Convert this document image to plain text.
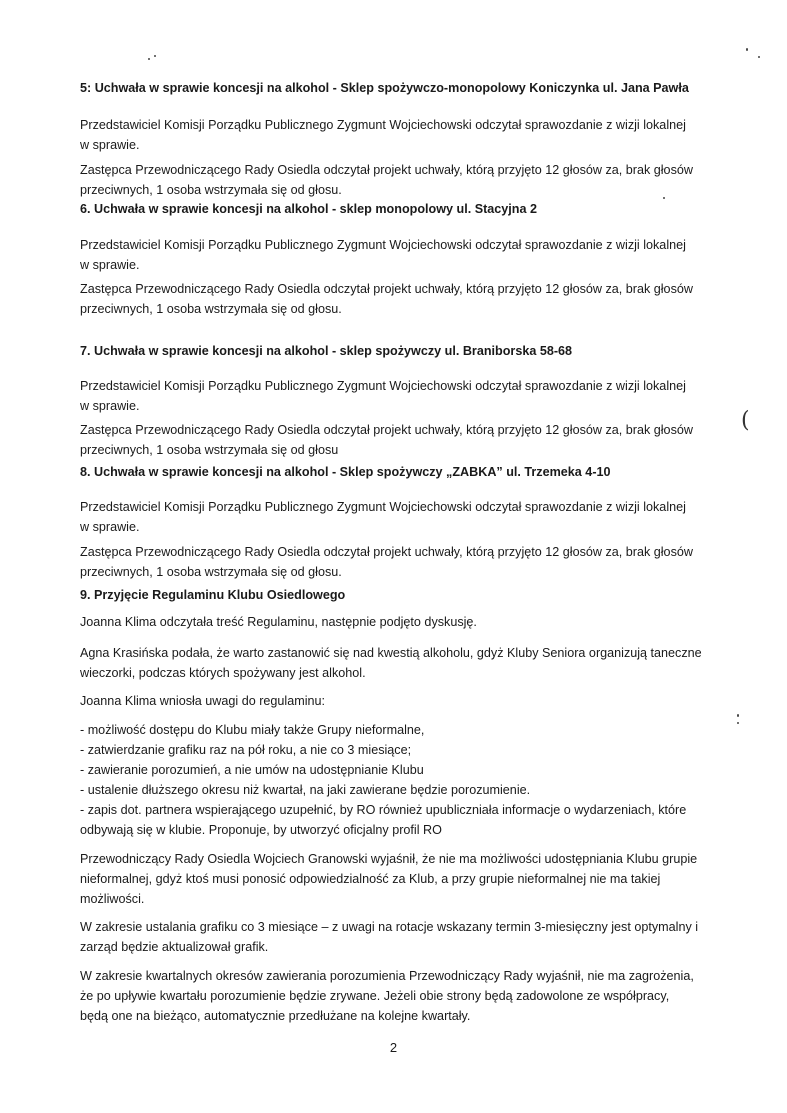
(

5: Uchwała w sprawie koncesji na alkohol - Sklep spożywczo-monopolowy Koniczynka ul. Jana Pawła

Przedstawiciel Komisji Porządku Publicznego Zygmunt Wojciechowski odczytał sprawozdanie z wizji lokalnej

w sprawie.

Zastępca Przewodniczącego Rady Osiedla odczytał projekt uchwały, którą przyjęto 12 głosów za, brak głosów

przeciwnych, 1 osoba wstrzymała się od głosu.

6. Uchwała w sprawie koncesji na alkohol - sklep monopolowy ul. Stacyjna 2

Przedstawiciel Komisji Porządku Publicznego Zygmunt Wojciechowski odczytał sprawozdanie z wizji lokalnej

w sprawie.

Zastępca Przewodniczącego Rady Osiedla odczytał projekt uchwały, którą przyjęto 12 głosów za, brak głosów

przeciwnych, 1 osoba wstrzymała się od głosu.

7. Uchwała w sprawie koncesji na alkohol - sklep spożywczy ul. Braniborska 58-68

Przedstawiciel Komisji Porządku Publicznego Zygmunt Wojciechowski odczytał sprawozdanie z wizji lokalnej

w sprawie.

Zastępca Przewodniczącego Rady Osiedla odczytał projekt uchwały, którą przyjęto 12 głosów za, brak głosów

przeciwnych, 1 osoba wstrzymała się od głosu

8. Uchwała w sprawie koncesji na alkohol - Sklep spożywczy „ZABKA” ul. Trzemeka 4-10

Przedstawiciel Komisji Porządku Publicznego Zygmunt Wojciechowski odczytał sprawozdanie z wizji lokalnej

w sprawie.

Zastępca Przewodniczącego Rady Osiedla odczytał projekt uchwały, którą przyjęto 12 głosów za, brak głosów

przeciwnych, 1 osoba wstrzymała się od głosu.

9. Przyjęcie Regulaminu Klubu Osiedlowego

Joanna Klima odczytała treść Regulaminu, następnie podjęto dyskusję.

Agna Krasińska podała, że warto zastanowić się nad kwestią alkoholu, gdyż Kluby Seniora organizują taneczne

wieczorki, podczas których spożywany jest alkohol.

Joanna Klima wniosła uwagi do regulaminu:

- możliwość dostępu do Klubu miały także Grupy nieformalne,

- zatwierdzanie grafiku raz na pół roku, a nie co 3 miesiące;

- zawieranie porozumień, a nie umów na udostępnianie Klubu

- ustalenie dłuższego okresu niż kwartał, na jaki zawierane będzie porozumienie.

- zapis dot. partnera wspierającego uzupełnić, by RO również upubliczniała informacje o wydarzeniach, które

odbywają się w klubie. Proponuje, by utworzyć oficjalny profil RO

Przewodniczący Rady Osiedla Wojciech Granowski wyjaśnił, że nie ma możliwości udostępniania Klubu grupie

nieformalnej, gdyż ktoś musi ponosić odpowiedzialność za Klub, a przy grupie nieformalnej nie ma takiej

możliwości.

W zakresie ustalania grafiku co 3 miesiące – z uwagi na rotacje wskazany termin 3-miesięczny jest optymalny i

zarząd będzie aktualizował grafik.

W zakresie kwartalnych okresów zawierania porozumienia Przewodniczący Rady wyjaśnił, nie ma zagrożenia,

że po upływie kwartału porozumienie będzie zrywane. Jeżeli obie strony będą zadowolone ze współpracy,

będą one na bieżąco, automatycznie przedłużane na kolejne kwartały.

2
